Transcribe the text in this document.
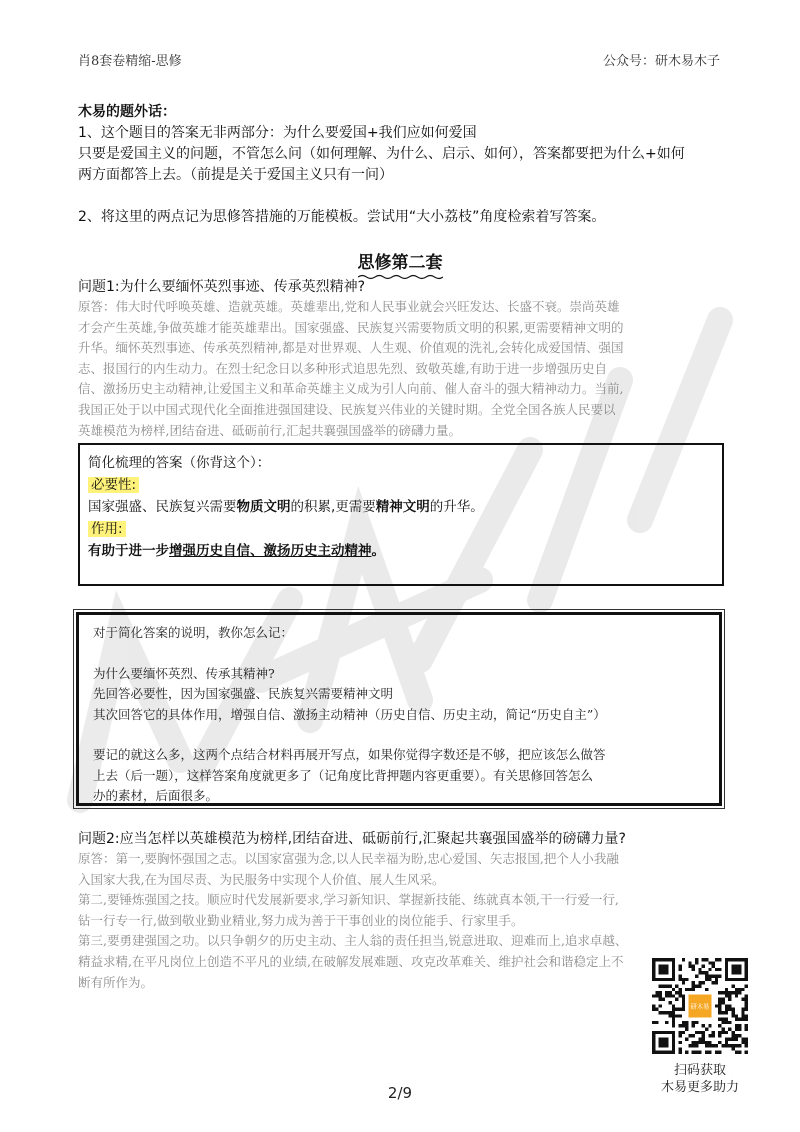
肖8套卷精缩-思修	公众号：研木易木子

木易的题外话：

1、这个题目的答案无非两部分：为什么要爱国+我们应如何爱国

只要是爱国主义的问题，不管怎么问（如何理解、为什么、启示、如何），答案都要把为什么+如何

两方面都答上去。（前提是关于爱国主义只有一问）

2、将这里的两点记为思修答措施的万能模板。尝试用“大小荔枝”角度检索着写答案。

思修第二套
问题1:为什么要缅怀英烈事迹、传承英烈精神?
原答：伟大时代呼唤英雄、造就英雄。英雄辈出,党和人民事业就会兴旺发达、长盛不衰。崇尚英雄
才会产生英雄,争做英雄才能英雄辈出。国家强盛、民族复兴需要物质文明的积累,更需要精神文明的
升华。缅怀英烈事迹、传承英烈精神,都是对世界观、人生观、价值观的洗礼,会转化成爱国情、强国
志、报国行的内生动力。在烈士纪念日以多种形式追思先烈、致敬英雄,有助于进一步增强历史自
信、激扬历史主动精神,让爱国主义和革命英雄主义成为引人向前、催人奋斗的强大精神动力。当前,
我国正处于以中国式现代化全面推进强国建设、民族复兴伟业的关键时期。全党全国各族人民要以
英雄模范为榜样,团结奋进、砥砺前行,汇起共襄强国盛举的磅礴力量。
简化梳理的答案（你背这个）：
必要性:
国家强盛、民族复兴需要物质文明的积累,更需要精神文明的升华。
作用:
有助于进一步增强历史自信、激扬历史主动精神。
对于简化答案的说明，教你怎么记：
为什么要缅怀英烈、传承其精神?
先回答必要性，因为国家强盛、民族复兴需要精神文明
其次回答它的具体作用，增强自信、激扬主动精神（历史自信、历史主动，简记“历史自主”）
要记的就这么多，这两个点结合材料再展开写点，如果你觉得字数还是不够，把应该怎么做答
上去（后一题），这样答案角度就更多了（记角度比背押题内容更重要）。有关思修回答怎么
办的素材，后面很多。
问题2:应当怎样以英雄模范为榜样,团结奋进、砥砺前行,汇聚起共襄强国盛举的磅礴力量?
原答：第一,要胸怀强国之志。以国家富强为念,以人民幸福为盼,忠心爱国、矢志报国,把个人小我融
入国家大我,在为国尽责、为民服务中实现个人价值、展人生风采。
第二,要锤炼强国之技。顺应时代发展新要求,学习新知识、掌握新技能、练就真本领,干一行爱一行,
钻一行专一行,做到敬业勤业精业,努力成为善于干事创业的岗位能手、行家里手。
第三,要勇建强国之功。以只争朝夕的历史主动、主人翁的责任担当,锐意进取、迎难而上,追求卓越、
精益求精,在平凡岗位上创造不平凡的业绩,在破解发展难题、攻克改革难关、维护社会和谐稳定上不
断有所作为。
研木易
扫码获取
木易更多助力
2/9
